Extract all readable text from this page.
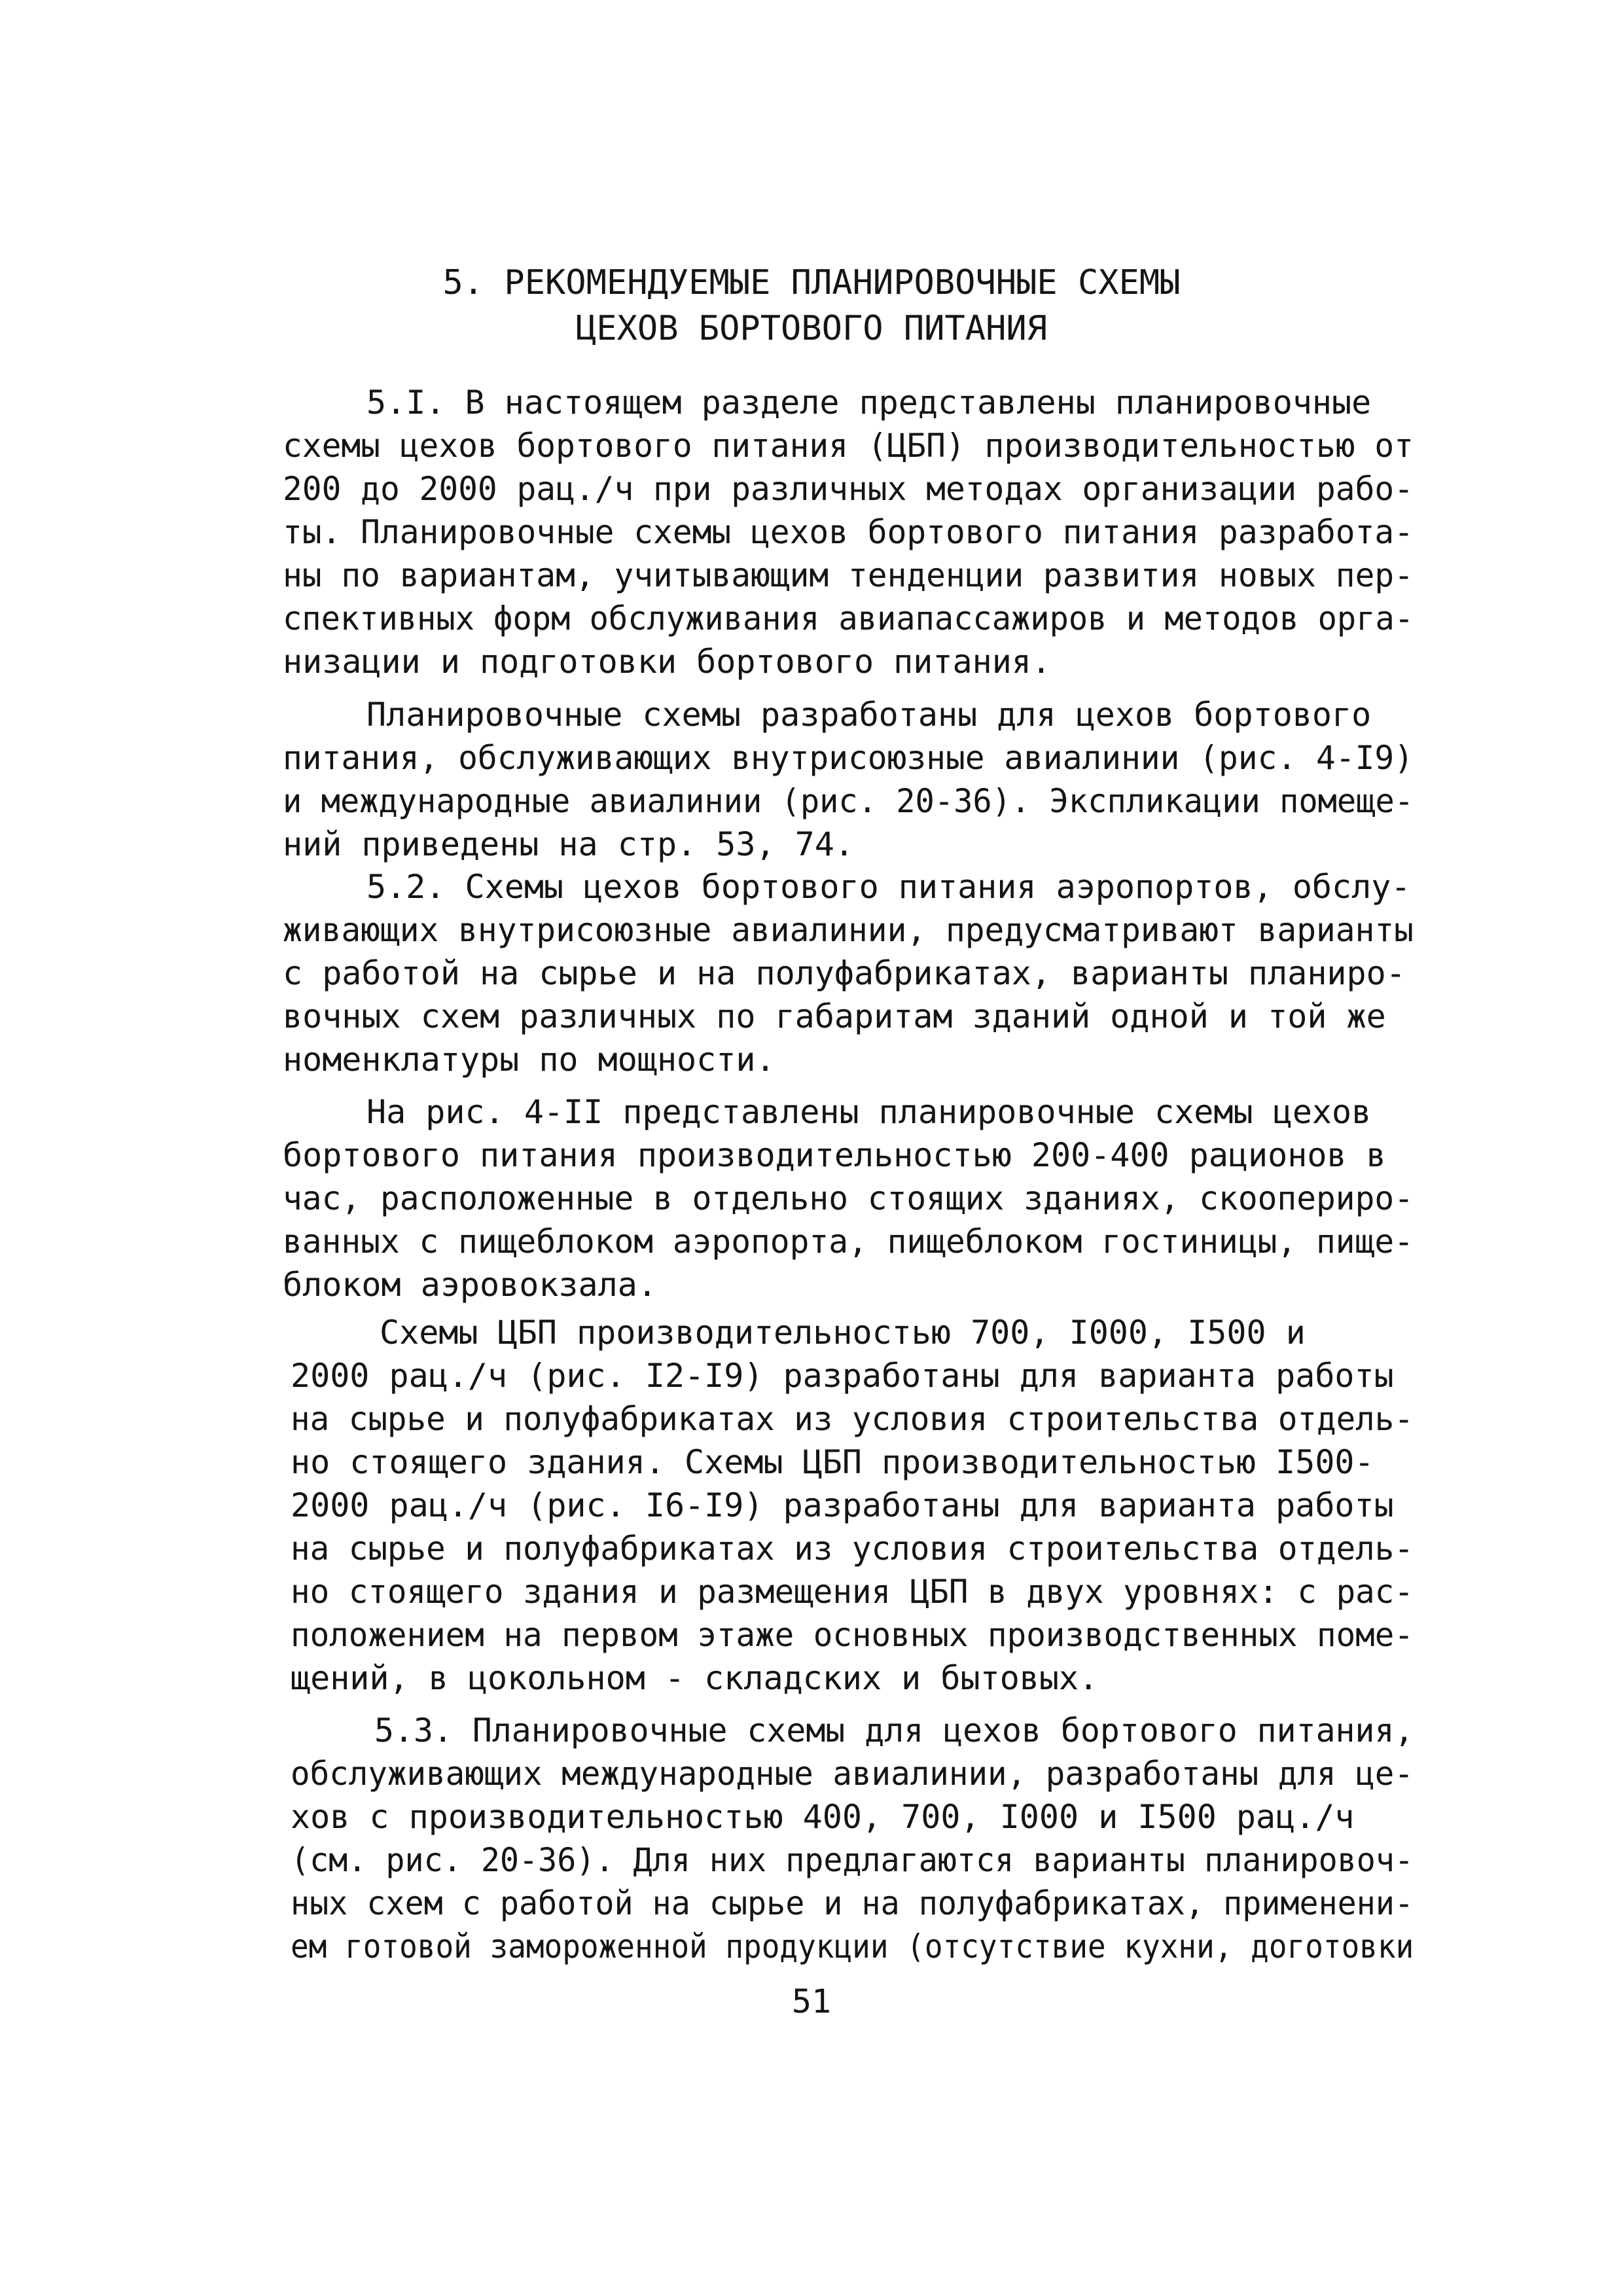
5. РЕКОМЕНДУЕМЫЕ ПЛАНИРОВОЧНЫЕ СХЕМЫ
ЦЕХОВ БОРТОВОГО ПИТАНИЯ
5.I. В настоящем разделе представлены планировочные
схемы цехов бортового питания (ЦБП) производительностью от
200 до 2000 рац./ч при различных методах организации рабо-
ты. Планировочные схемы цехов бортового питания разработа-
ны по вариантам, учитывающим тенденции развития новых пер-
спективных форм обслуживания авиапассажиров и методов орга-
низации и подготовки бортового питания.
Планировочные схемы разработаны для цехов бортового
питания, обслуживающих внутрисоюзные авиалинии (рис. 4-I9)
и международные авиалинии (рис. 20-36). Экспликации помеще-
ний приведены на стр. 53, 74.
5.2. Схемы цехов бортового питания аэропортов, обслу-
живающих внутрисоюзные авиалинии, предусматривают варианты
с работой на сырье и на полуфабрикатах, варианты планиро-
вочных схем различных по габаритам зданий одной и той же
номенклатуры по мощности.
На рис. 4-II представлены планировочные схемы цехов
бортового питания производительностью 200-400 рационов в
час, расположенные в отдельно стоящих зданиях, скоопериро-
ванных с пищеблоком аэропорта, пищеблоком гостиницы, пище-
блоком аэровокзала.
Схемы ЦБП производительностью 700, I000, I500 и
2000 рац./ч (рис. I2-I9) разработаны для варианта работы
на сырье и полуфабрикатах из условия строительства отдель-
но стоящего здания. Схемы ЦБП производительностью I500-
2000 рац./ч (рис. I6-I9) разработаны для варианта работы
на сырье и полуфабрикатах из условия строительства отдель-
но стоящего здания и размещения ЦБП в двух уровнях: с рас-
положением на первом этаже основных производственных поме-
щений, в цокольном - складских и бытовых.
5.3. Планировочные схемы для цехов бортового питания,
обслуживающих международные авиалинии, разработаны для це-
хов с производительностью 400, 700, I000 и I500 рац./ч
(см. рис. 20-36). Для них предлагаются варианты планировоч-
ных схем с работой на сырье и на полуфабрикатах, применени-
ем готовой замороженной продукции (отсутствие кухни, доготовки
51
